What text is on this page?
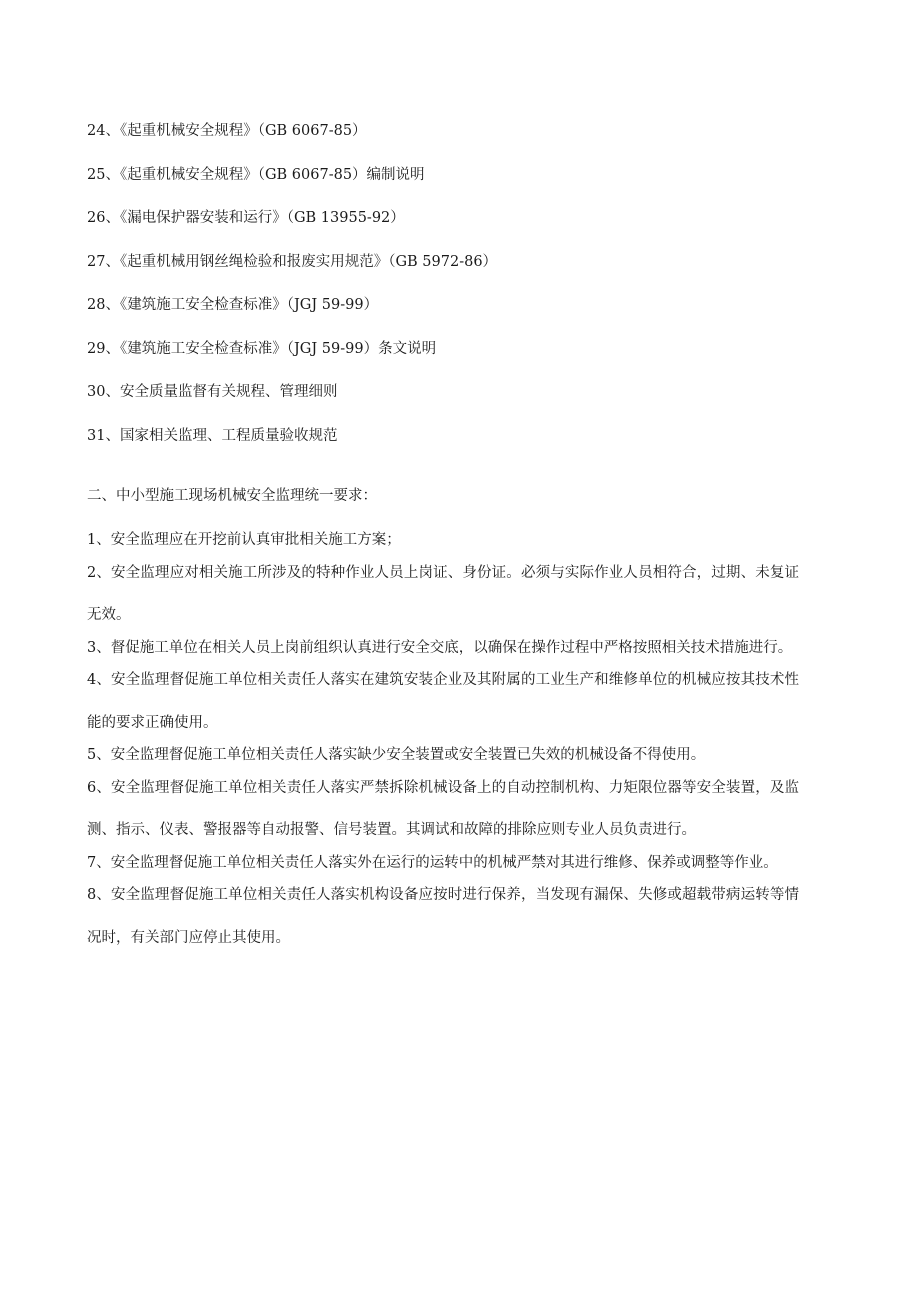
24、《起重机械安全规程》（GB 6067-85）
25、《起重机械安全规程》（GB 6067-85）编制说明
26、《漏电保护器安装和运行》（GB 13955-92）
27、《起重机械用钢丝绳检验和报废实用规范》（GB 5972-86）
28、《建筑施工安全检查标准》（JGJ 59-99）
29、《建筑施工安全检查标准》（JGJ 59-99）条文说明
30、安全质量监督有关规程、管理细则
31、国家相关监理、工程质量验收规范
二、中小型施工现场机械安全监理统一要求：

1、安全监理应在开挖前认真审批相关施工方案；

2、安全监理应对相关施工所涉及的特种作业人员上岗证、身份证。必须与实际作业人员相符合，过期、未复证无效。

3、督促施工单位在相关人员上岗前组织认真进行安全交底，以确保在操作过程中严格按照相关技术措施进行。

4、安全监理督促施工单位相关责任人落实在建筑安装企业及其附属的工业生产和维修单位的机械应按其技术性能的要求正确使用。

5、安全监理督促施工单位相关责任人落实缺少安全装置或安全装置已失效的机械设备不得使用。

6、安全监理督促施工单位相关责任人落实严禁拆除机械设备上的自动控制机构、力矩限位器等安全装置，及监测、指示、仪表、警报器等自动报警、信号装置。其调试和故障的排除应则专业人员负责进行。

7、安全监理督促施工单位相关责任人落实外在运行的运转中的机械严禁对其进行维修、保养或调整等作业。

8、安全监理督促施工单位相关责任人落实机构设备应按时进行保养，当发现有漏保、失修或超载带病运转等情况时，有关部门应停止其使用。
